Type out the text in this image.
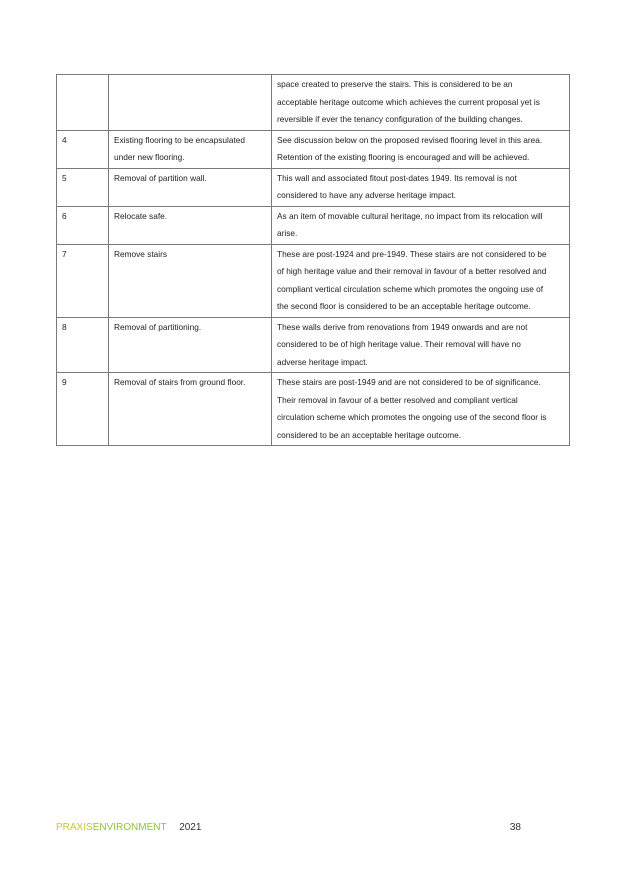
		space created to preserve the stairs. This is considered to be an
acceptable heritage outcome which achieves the current proposal yet is
reversible if ever the tenancy configuration of the building changes.

4	Existing flooring to be encapsulated
under new flooring.	See discussion below on the proposed revised flooring level in this area.
Retention of the existing flooring is encouraged and will be achieved.

5	Removal of partition wall.	This wall and associated fitout post-dates 1949. Its removal is not
considered to have any adverse heritage impact.

6	Relocate safe.	As an item of movable cultural heritage, no impact from its relocation will
arise.

7	Remove stairs	These are post-1924 and pre-1949. These stairs are not considered to be
of high heritage value and their removal in favour of a better resolved and
compliant vertical circulation scheme which promotes the ongoing use of
the second floor is considered to be an acceptable heritage outcome.

8	Removal of partitioning.	These walls derive from renovations from 1949 onwards and are not
considered to be of high heritage value. Their removal will have no
adverse heritage impact.

9	Removal of stairs from ground floor.	These stairs are post-1949 and are not considered to be of significance.
Their removal in favour of a better resolved and compliant vertical
circulation scheme which promotes the ongoing use of the second floor is
considered to be an acceptable heritage outcome.
PRAXISENVIRONMENT 2021	38
